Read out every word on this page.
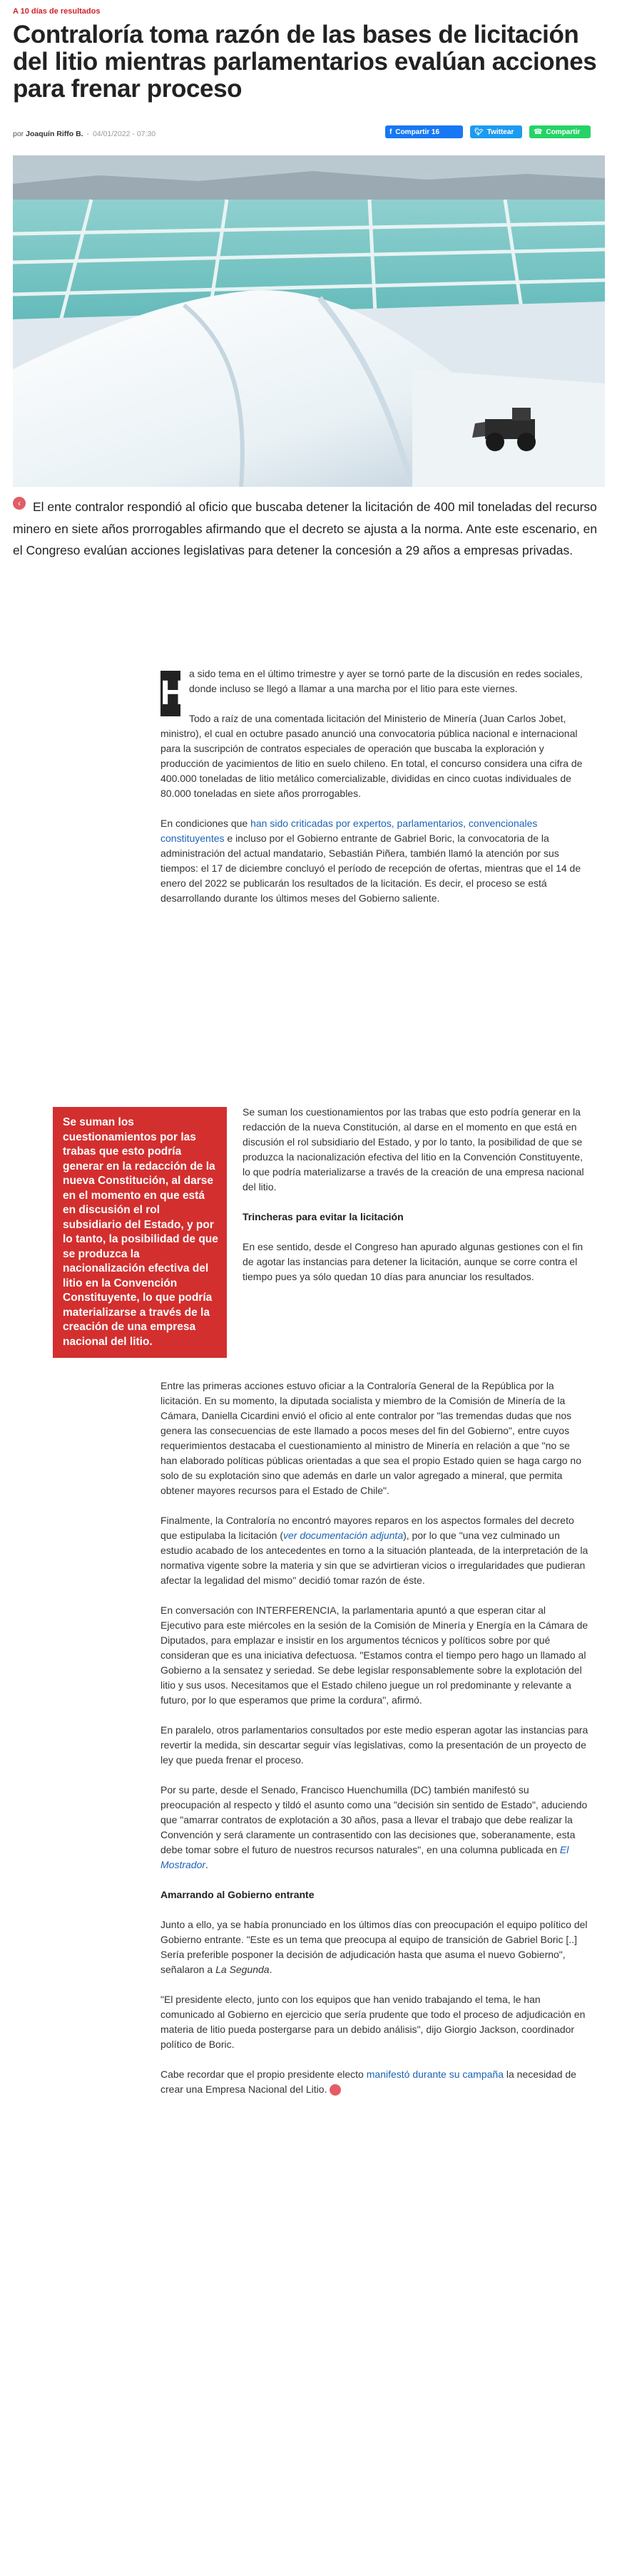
A 10 días de resultados
Contraloría toma razón de las bases de licitación del litio mientras parlamentarios evalúan acciones para frenar proceso
por Joaquín Riffo B. - 04/01/2022 - 07:30	f Compartir 16	🐦︎ Twittear	☎ Compartir
‹ El ente contralor respondió al oficio que buscaba detener la licitación de 400 mil toneladas del recurso minero en siete años prorrogables afirmando que el decreto se ajusta a la norma. Ante este escenario, en el Congreso evalúan acciones legislativas para detener la concesión a 29 años a empresas privadas.

H
a sido tema en el último trimestre y ayer se tornó parte de la discusión en redes sociales, donde incluso se llegó a llamar a una marcha por el litio para este viernes.

Todo a raíz de una comentada licitación del Ministerio de Minería (Juan Carlos Jobet, ministro), el cual en octubre pasado anunció una convocatoria pública nacional e internacional para la suscripción de contratos especiales de operación que buscaba la exploración y producción de yacimientos de litio en suelo chileno. En total, el concurso considera una cifra de 400.000 toneladas de litio metálico comercializable, divididas en cinco cuotas individuales de 80.000 toneladas en siete años prorrogables.

En condiciones que han sido criticadas por expertos, parlamentarios, convencionales constituyentes e incluso por el Gobierno entrante de Gabriel Boric, la convocatoria de la administración del actual mandatario, Sebastián Piñera, también llamó la atención por sus tiempos: el 17 de diciembre concluyó el período de recepción de ofertas, mientras que el 14 de enero del 2022 se publicarán los resultados de la licitación. Es decir, el proceso se está desarrollando durante los últimos meses del Gobierno saliente.

Se suman los cuestionamientos por las trabas que esto podría generar en la redacción de la nueva Constitución, al darse en el momento en que está en discusión el rol subsidiario del Estado, y por lo tanto, la posibilidad de que se produzca la nacionalización efectiva del litio en la Convención Constituyente, lo que podría materializarse a través de la creación de una empresa nacional del litio.

Se suman los cuestionamientos por las trabas que esto podría generar en la redacción de la nueva Constitución, al darse en el momento en que está en discusión el rol subsidiario del Estado, y por lo tanto, la posibilidad de que se produzca la nacionalización efectiva del litio en la Convención Constituyente, lo que podría materializarse a través de la creación de una empresa nacional del litio.

Trincheras para evitar la licitación

En ese sentido, desde el Congreso han apurado algunas gestiones con el fin de agotar las instancias para detener la licitación, aunque se corre contra el tiempo pues ya sólo quedan 10 días para anunciar los resultados.

Entre las primeras acciones estuvo oficiar a la Contraloría General de la República por la licitación. En su momento, la diputada socialista y miembro de la Comisión de Minería de la Cámara, Daniella Cicardini envió el oficio al ente contralor por "las tremendas dudas que nos genera las consecuencias de este llamado a pocos meses del fin del Gobierno", entre cuyos requerimientos destacaba el cuestionamiento al ministro de Minería en relación a que "no se han elaborado políticas públicas orientadas a que sea el propio Estado quien se haga cargo no solo de su explotación sino que además en darle un valor agregado a mineral, que permita obtener mayores recursos para el Estado de Chile".

Finalmente, la Contraloría no encontró mayores reparos en los aspectos formales del decreto que estipulaba la licitación (ver documentación adjunta), por lo que "una vez culminado un estudio acabado de los antecedentes en torno a la situación planteada, de la interpretación de la normativa vigente sobre la materia y sin que se advirtieran vicios o irregularidades que pudieran afectar la legalidad del mismo" decidió tomar razón de éste.

En conversación con INTERFERENCIA, la parlamentaria apuntó a que esperan citar al Ejecutivo para este miércoles en la sesión de la Comisión de Minería y Energía en la Cámara de Diputados, para emplazar e insistir en los argumentos técnicos y políticos sobre por qué consideran que es una iniciativa defectuosa. "Estamos contra el tiempo pero hago un llamado al Gobierno a la sensatez y seriedad. Se debe legislar responsablemente sobre la explotación del litio y sus usos. Necesitamos que el Estado chileno juegue un rol predominante y relevante a futuro, por lo que esperamos que prime la cordura", afirmó.

En paralelo, otros parlamentarios consultados por este medio esperan agotar las instancias para revertir la medida, sin descartar seguir vías legislativas, como la presentación de un proyecto de ley que pueda frenar el proceso.

Por su parte, desde el Senado, Francisco Huenchumilla (DC) también manifestó su preocupación al respecto y tildó el asunto como una "decisión sin sentido de Estado", aduciendo que "amarrar contratos de explotación a 30 años, pasa a llevar el trabajo que debe realizar la Convención y será claramente un contrasentido con las decisiones que, soberanamente, esta debe tomar sobre el futuro de nuestros recursos naturales", en una columna publicada en El Mostrador.

Amarrando al Gobierno entrante

Junto a ello, ya se había pronunciado en los últimos días con preocupación el equipo político del Gobierno entrante. "Este es un tema que preocupa al equipo de transición de Gabriel Boric [..] Sería preferible posponer la decisión de adjudicación hasta que asuma el nuevo Gobierno", señalaron a La Segunda.

"El presidente electo, junto con los equipos que han venido trabajando el tema, le han comunicado al Gobierno en ejercicio que sería prudente que todo el proceso de adjudicación en materia de litio pueda postergarse para un debido análisis", dijo Giorgio Jackson, coordinador político de Boric.

Cabe recordar que el propio presidente electo manifestó durante su campaña la necesidad de crear una Empresa Nacional del Litio.
